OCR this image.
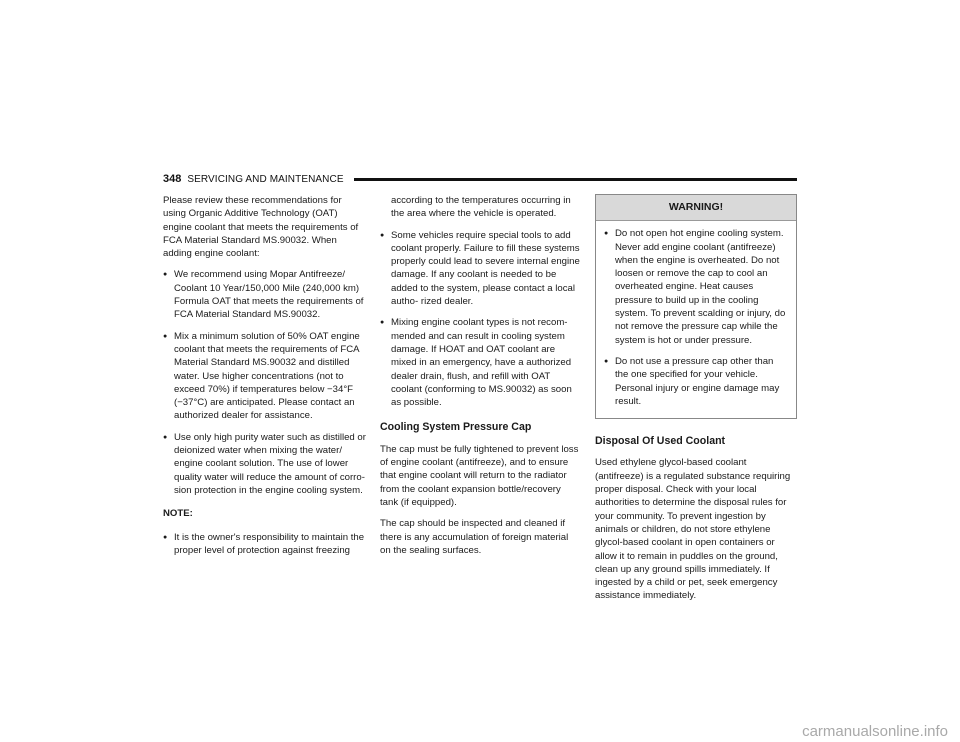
348 SERVICING AND MAINTENANCE

Please review these recommendations for using Organic Additive Technology (OAT) engine coolant that meets the requirements of FCA Material Standard MS.90032. When adding engine coolant:

● We recommend using Mopar Antifreeze/ Coolant 10 Year/150,000 Mile (240,000 km) Formula OAT that meets the requirements of FCA Material Standard MS.90032.
● Mix a minimum solution of 50% OAT engine coolant that meets the requirements of FCA Material Standard MS.90032 and distilled water. Use higher concentrations (not to exceed 70%) if temperatures below −34°F (−37°C) are anticipated. Please contact an authorized dealer for assistance.
● Use only high purity water such as distilled or deionized water when mixing the water/ engine coolant solution. The use of lower quality water will reduce the amount of corro- sion protection in the engine cooling system.
NOTE:
● It is the owner's responsibility to maintain the proper level of protection against freezing
according to the temperatures occurring in the area where the vehicle is operated.
● Some vehicles require special tools to add coolant properly. Failure to fill these systems properly could lead to severe internal engine damage. If any coolant is needed to be added to the system, please contact a local autho- rized dealer.
● Mixing engine coolant types is not recom- mended and can result in cooling system damage. If HOAT and OAT coolant are mixed in an emergency, have a authorized dealer drain, flush, and refill with OAT coolant (conforming to MS.90032) as soon as possible.
Cooling System Pressure Cap

The cap must be fully tightened to prevent loss of engine coolant (antifreeze), and to ensure that engine coolant will return to the radiator from the coolant expansion bottle/recovery tank (if equipped).

The cap should be inspected and cleaned if there is any accumulation of foreign material on the sealing surfaces.

WARNING!
● Do not open hot engine cooling system. Never add engine coolant (antifreeze) when the engine is overheated. Do not loosen or remove the cap to cool an overheated engine. Heat causes pressure to build up in the cooling system. To prevent scalding or injury, do not remove the pressure cap while the system is hot or under pressure.
● Do not use a pressure cap other than the one specified for your vehicle. Personal injury or engine damage may result.
Disposal Of Used Coolant

Used ethylene glycol-based coolant (antifreeze) is a regulated substance requiring proper disposal. Check with your local authorities to determine the disposal rules for your community. To prevent ingestion by animals or children, do not store ethylene glycol-based coolant in open containers or allow it to remain in puddles on the ground, clean up any ground spills immediately. If ingested by a child or pet, seek emergency assistance immediately.

carmanualsonline.info
